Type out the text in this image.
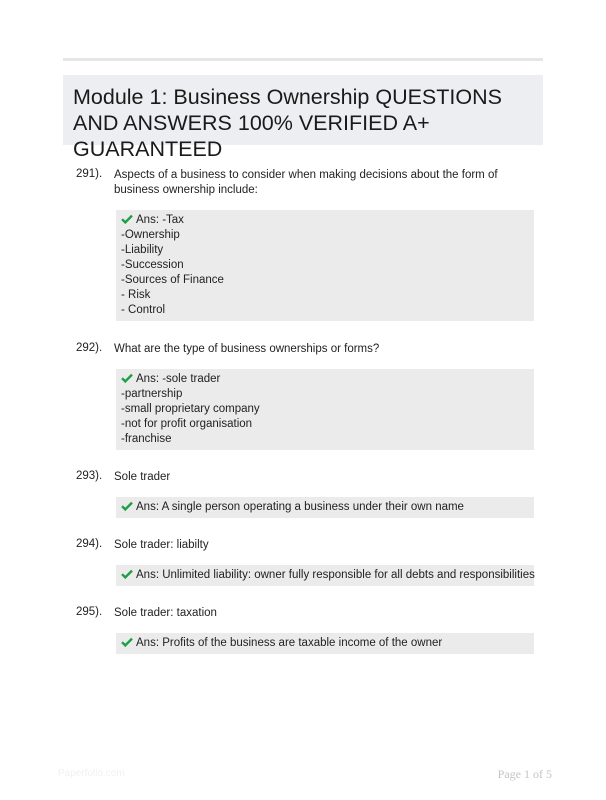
Module 1: Business Ownership QUESTIONS AND ANSWERS 100% VERIFIED A+ GUARANTEED
291). Aspects of a business to consider when making decisions about the form of business ownership include:
Ans: -Tax
-Ownership
-Liability
-Succession
-Sources of Finance
- Risk
- Control
292). What are the type of business ownerships or forms?
Ans: -sole trader
-partnership
-small proprietary company
-not for profit organisation
-franchise
293). Sole trader
Ans: A single person operating a business under their own name
294). Sole trader: liabilty
Ans: Unlimited liability: owner fully responsible for all debts and responsibilities
295). Sole trader: taxation
Ans: Profits of the business are taxable income of the owner
Paperfolio.com	Page 1 of 5
